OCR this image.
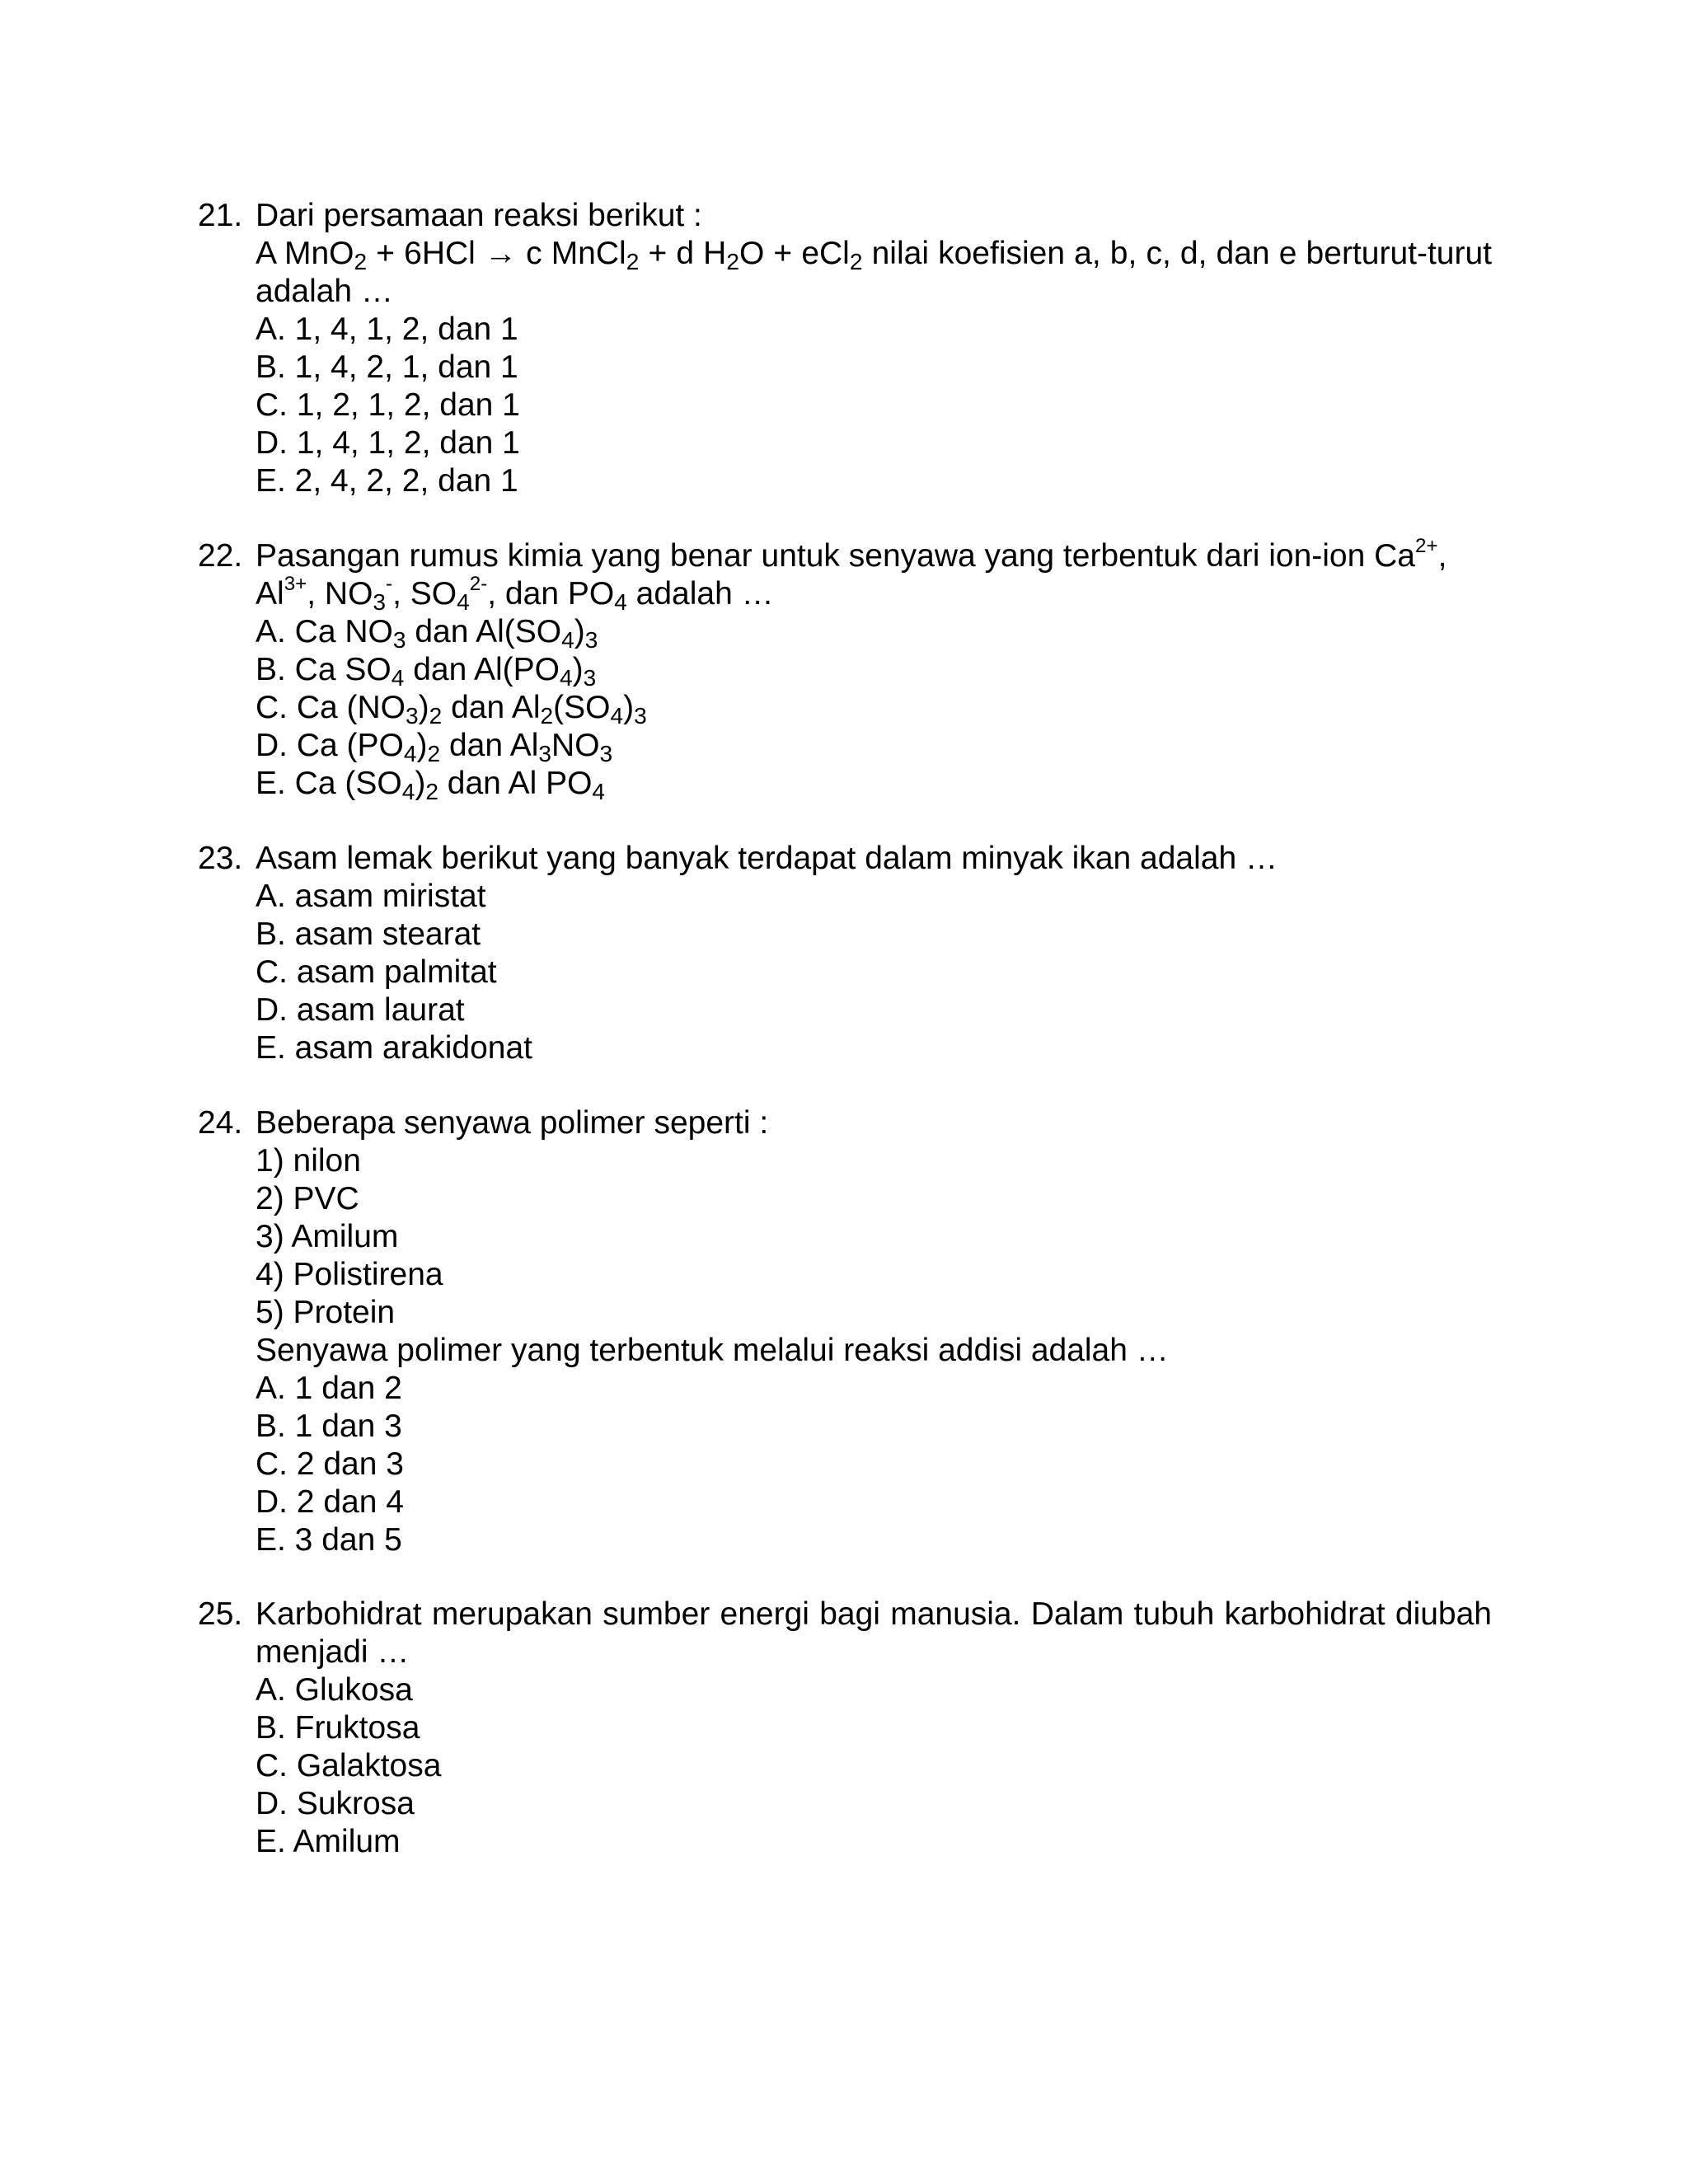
21. Dari persamaan reaksi berikut :
A MnO$_2$ + 6HCl → c MnCl$_2$ + d $H_2O + eCl_2$ nilai koefisien a, b, c, d, dan e berturut-turut adalah …
A. 1, 4, 1, 2, dan 1
B. 1, 4, 2, 1, dan 1
C. 1, 2, 1, 2, dan 1
D. 1, 4, 1, 2, dan 1
E. 2, 4, 2, 2, dan 1
22. Pasangan rumus kimia yang benar untuk senyawa yang terbentuk dari ion-ion $Ca^{2+}$, $Al^{3+}$, $NO_3^-$, $SO_4^{2-}$, dan $PO_4$ adalah …
A. Ca $NO_3$ dan $Al(SO_4)_3$
B. Ca $SO_4$ dan $Al(PO_4)_3$
C. Ca $(NO_3)_2$ dan $Al_2(SO_4)_3$
D. Ca $(PO_4)_2$ dan $Al_3NO_3$
E. Ca $(SO_4)_2$ dan Al $PO_4$
23. Asam lemak berikut yang banyak terdapat dalam minyak ikan adalah …
A. asam miristat
B. asam stearat
C. asam palmitat
D. asam laurat
E. asam arakidonat
24. Beberapa senyawa polimer seperti :
1) nilon
2) PVC
3) Amilum
4) Polistirena
5) Protein
Senyawa polimer yang terbentuk melalui reaksi addisi adalah …
A. 1 dan 2
B. 1 dan 3
C. 2 dan 3
D. 2 dan 4
E. 3 dan 5
25. Karbohidrat merupakan sumber energi bagi manusia. Dalam tubuh karbohidrat diubah menjadi …
A. Glukosa
B. Fruktosa
C. Galaktosa
D. Sukrosa
E. Amilum
